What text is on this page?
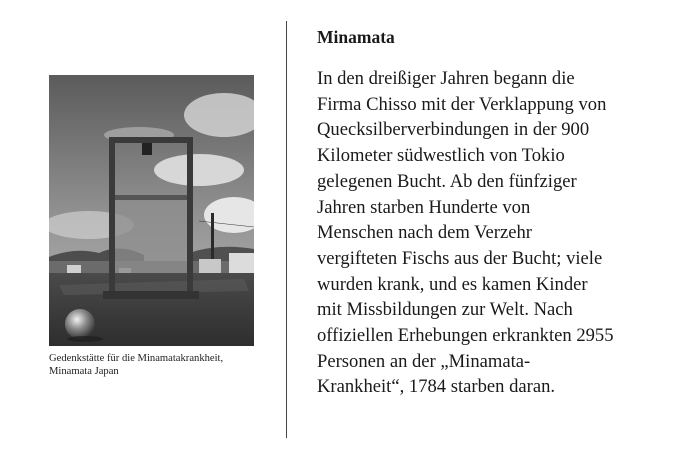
Gedenkstätte für die Minamatakrankheit,
Minamata Japan
Minamata
In den dreißiger Jahren begann die
Firma Chisso mit der Verklappung von
Quecksilberverbindungen in der 900
Kilometer südwestlich von Tokio
gelegenen Bucht. Ab den fünfziger
Jahren starben Hunderte von
Menschen nach dem Verzehr
vergifteten Fischs aus der Bucht; viele
wurden krank, und es kamen Kinder
mit Missbildungen zur Welt. Nach
offiziellen Erhebungen erkrankten 2955
Personen an der „Minamata-
Krankheit“, 1784 starben daran.
